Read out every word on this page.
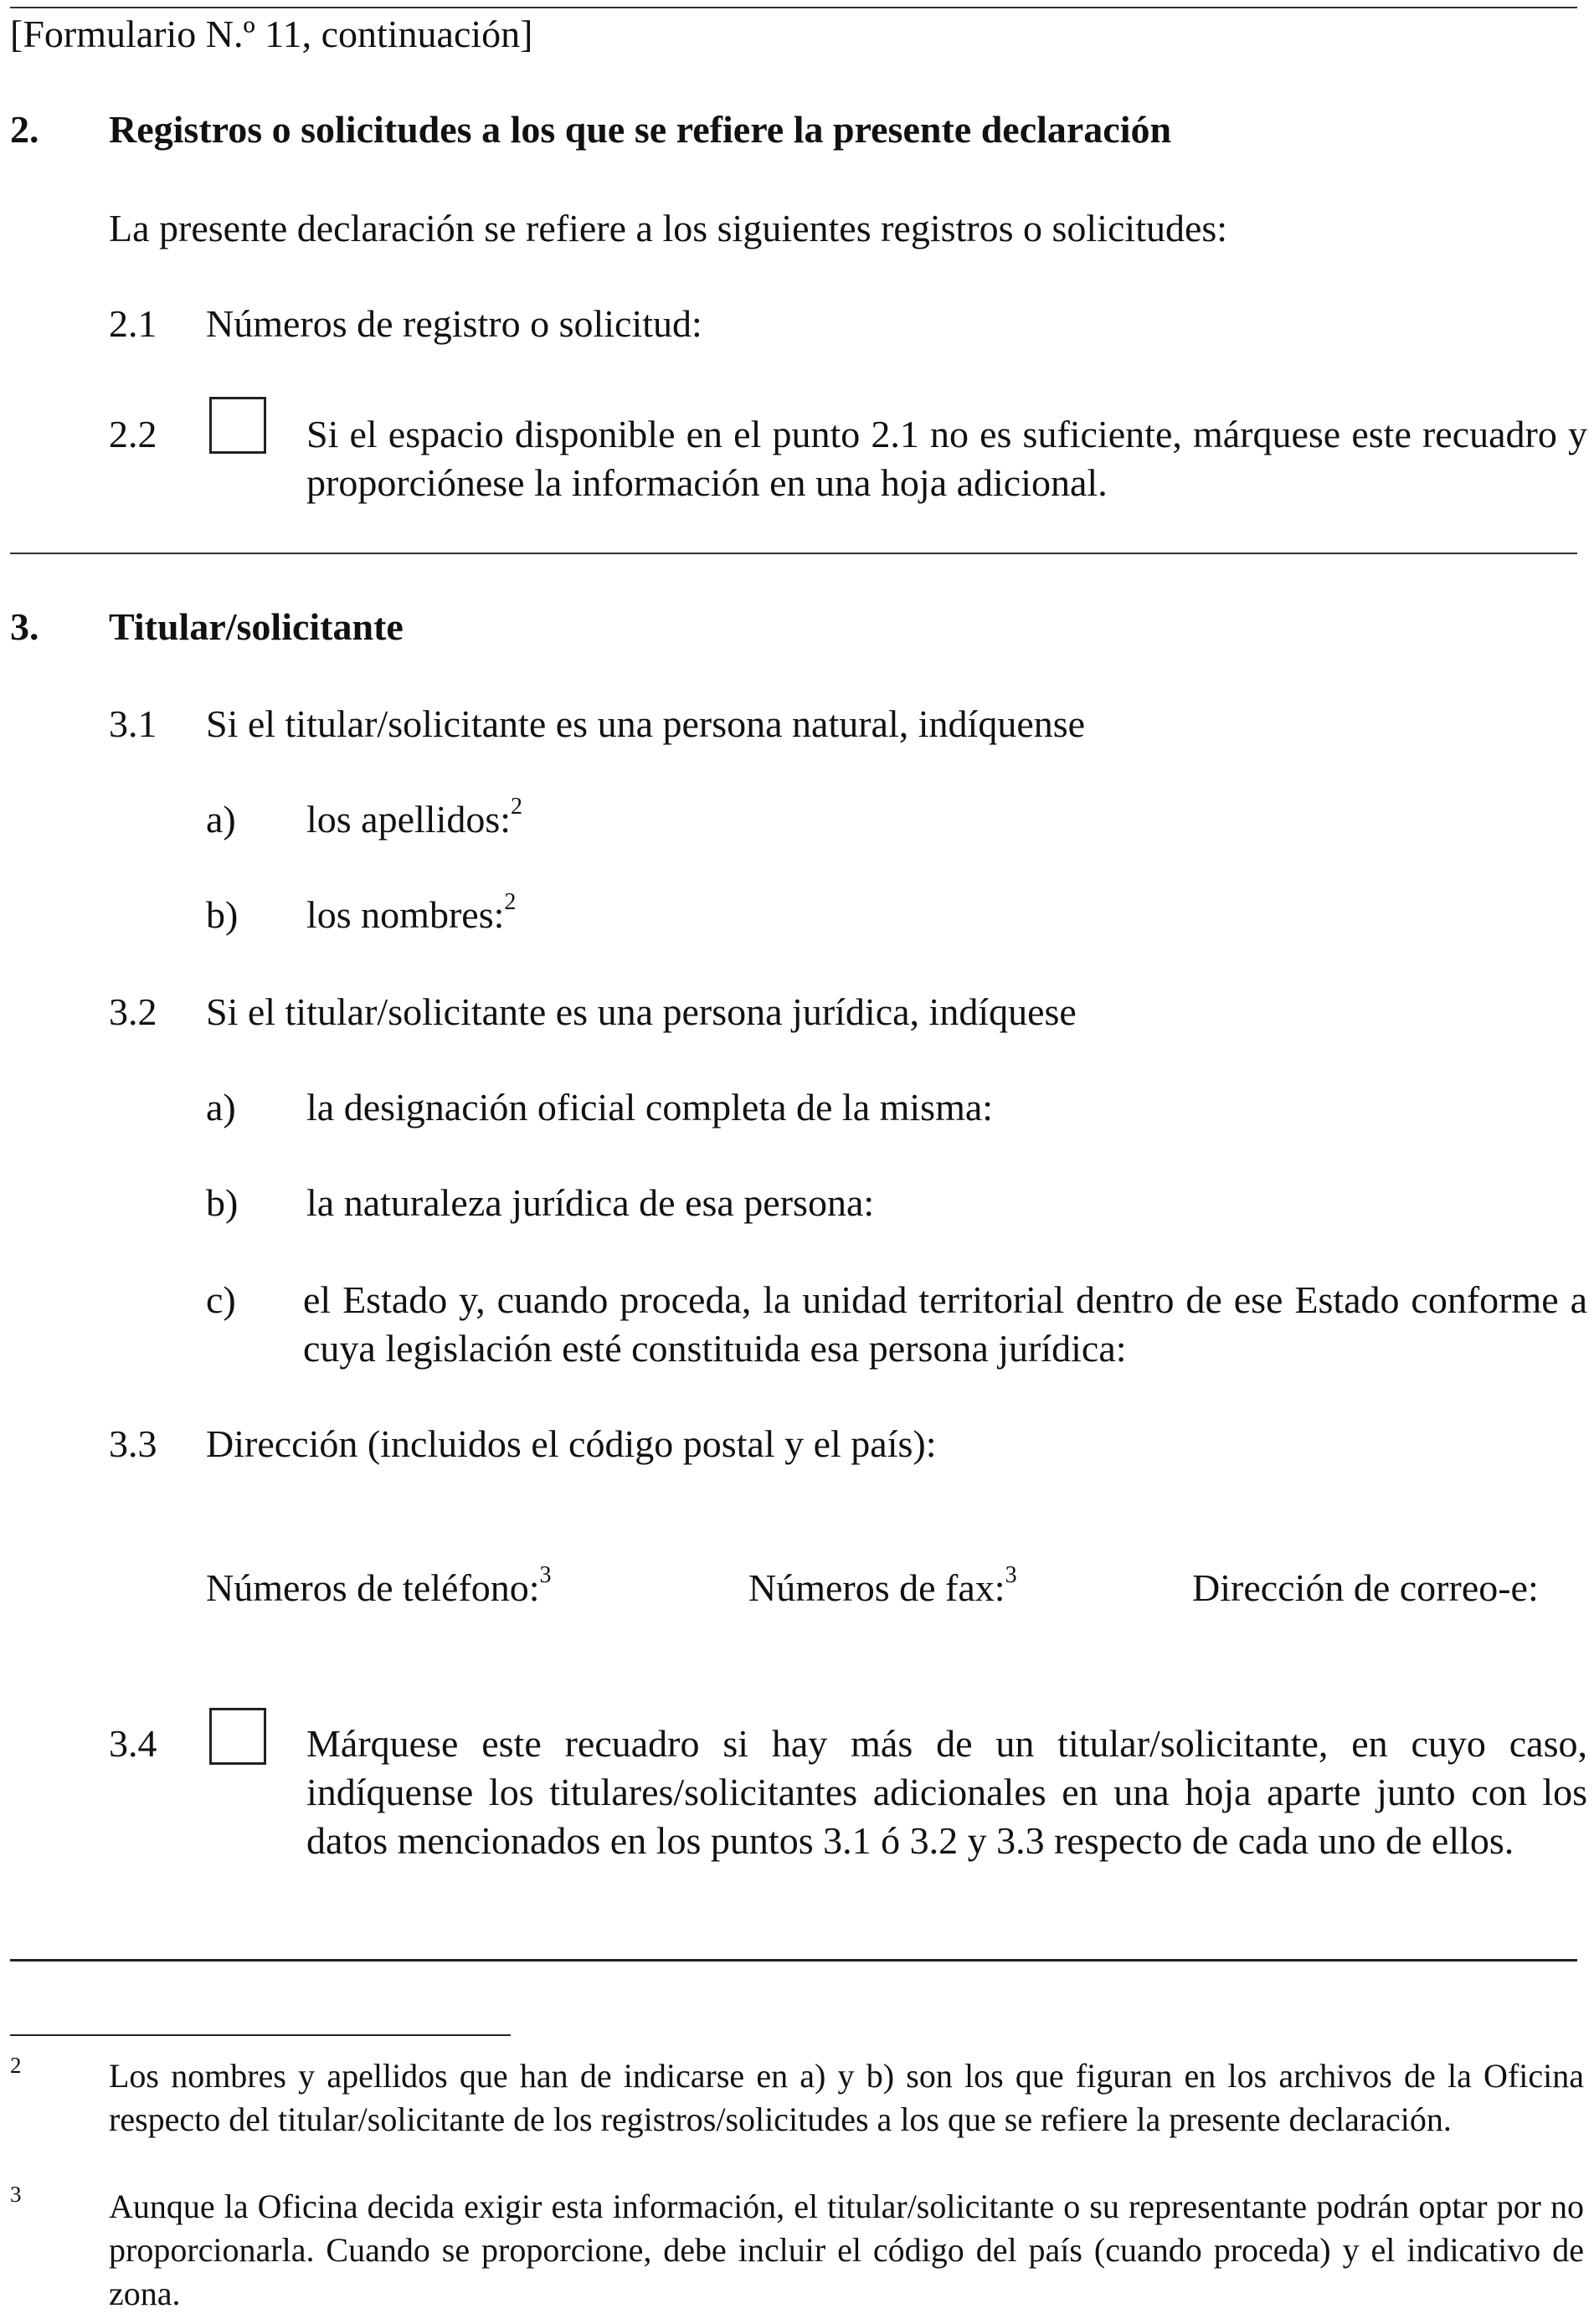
[Formulario N.º 11, continuación]

2. Registros o solicitudes a los que se refiere la presente declaración

La presente declaración se refiere a los siguientes registros o solicitudes:

2.1 Números de registro o solicitud:

2.2	Si el espacio disponible en el punto 2.1 no es suficiente, márquese este recuadro y proporciónese la información en una hoja adicional.

3. Titular/solicitante

3.1 Si el titular/solicitante es una persona natural, indíquense

a) los apellidos:$^2$

b) los nombres:$^2$

3.2 Si el titular/solicitante es una persona jurídica, indíquese

a) la designación oficial completa de la misma:

b) la naturaleza jurídica de esa persona:

c) el Estado y, cuando proceda, la unidad territorial dentro de ese Estado conforme a cuya legislación esté constituida esa persona jurídica:

3.3 Dirección (incluidos el código postal y el país):

Números de teléfono:$^3$	Números de fax:$^3$	Dirección de correo-e:

3.4	Márquese este recuadro si hay más de un titular/solicitante, en cuyo caso, indíquense los titulares/solicitantes adicionales en una hoja aparte junto con los datos mencionados en los puntos 3.1 ó 3.2 y 3.3 respecto de cada uno de ellos.

2	Los nombres y apellidos que han de indicarse en a) y b) son los que figuran en los archivos de la Oficina respecto del titular/solicitante de los registros/solicitudes a los que se refiere la presente declaración.

3	Aunque la Oficina decida exigir esta información, el titular/solicitante o su representante podrán optar por no proporcionarla. Cuando se proporcione, debe incluir el código del país (cuando proceda) y el indicativo de zona.
